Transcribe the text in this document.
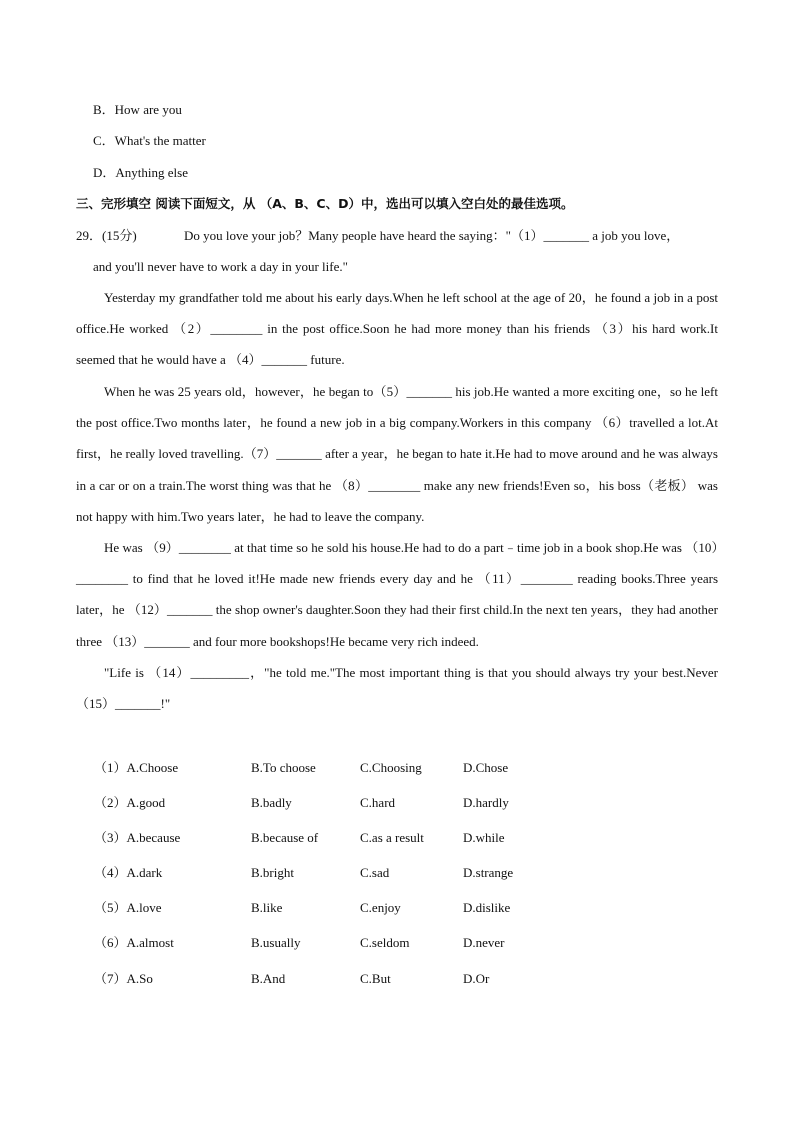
B．How are you
C．What's the matter
D．Anything else
三、完形填空 阅读下面短文，从 （A、B、C、D）中，选出可以填入空白处的最佳选项。
29．(15分)	Do you love your job？Many people have heard the saying："（1）_______ a job you love，
and you'll never have to work a day in your life."
Yesterday my grandfather told me about his early days.When he left school at the age of 20，he found a job in a post office.He worked （2）________ in the post office.Soon he had more money than his friends （3）his hard work.It seemed that he would have a （4）_______ future.
When he was 25 years old，however，he began to（5）_______ his job.He wanted a more exciting one，so he left the post office.Two months later，he found a new job in a big company.Workers in this company （6）travelled a lot.At first，he really loved travelling.（7）_______ after a year，he began to hate it.He had to move around and he was always in a car or on a train.The worst thing was that he （8）________ make any new friends!Even so，his boss（老板） was not happy with him.Two years later，he had to leave the company.
He was （9）________ at that time so he sold his house.He had to do a part﹣time job in a book shop.He was （10）________ to find that he loved it!He made new friends every day and he （11）________ reading books.Three years later，he （12）_______ the shop owner's daughter.Soon they had their first child.In the next ten years，they had another three （13）_______ and four more bookshops!He became very rich indeed.
"Life is （14）_________，"he told me."The most important thing is that you should always try your best.Never（15）_______!"
（1）A.Choose	B.To choose	C.Choosing	D.Chose
（2）A.good	B.badly	C.hard	D.hardly
（3）A.because	B.because of	C.as a result	D.while
（4）A.dark	B.bright	C.sad	D.strange
（5）A.love	B.like	C.enjoy	D.dislike
（6）A.almost	B.usually	C.seldom	D.never
（7）A.So	B.And	C.But	D.Or
